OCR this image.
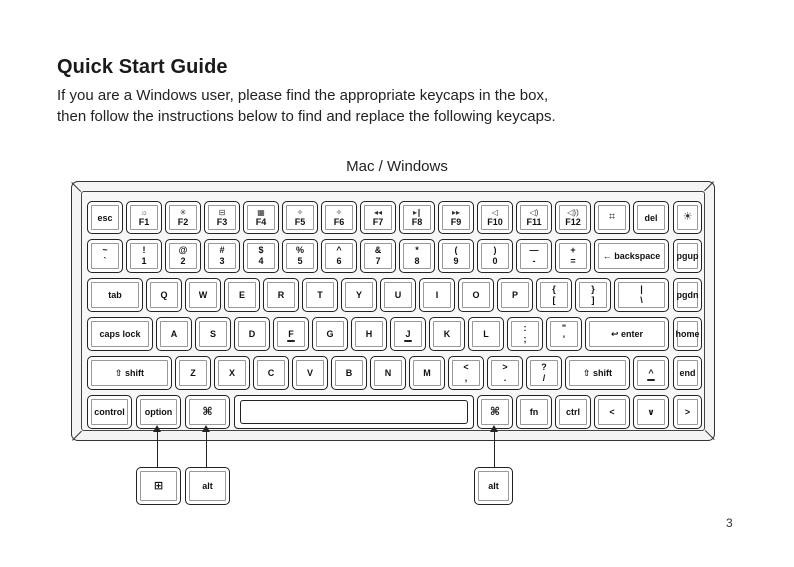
Quick Start Guide
If you are a Windows user, please find the appropriate keycaps in the box,
then follow the instructions below to find and replace the following keycaps.
Mac / Windows
esc
☼
F1
✳
F2
⊟
F3
▦
F4
✧
F5
✧
F6
◂◂
F7
▸∥
F8
▸▸
F9
◁
F10
◁)
F11
◁))
F12	⌗	del ☀
~
`
!
1
@
2
#
3
$
4
%
5
^
6
&
7
*
8
(
9
)
0
—
-
+
=	← backspace pgup
tab	Q	W	E	R	T	Y	U	I	O	P
{
[
}
]
|
\	pgdn
caps lock	A	S	D	F	G	H	J	K	L
:
;
"
'	↩ enter	home
⇧ shift	Z	X	C	V	B	N	M
<
,
>
.
?
/	⇧ shift	^	end
control option	⌘	⌘	fn	ctrl	<	∨	>
⊞	alt	alt
3
